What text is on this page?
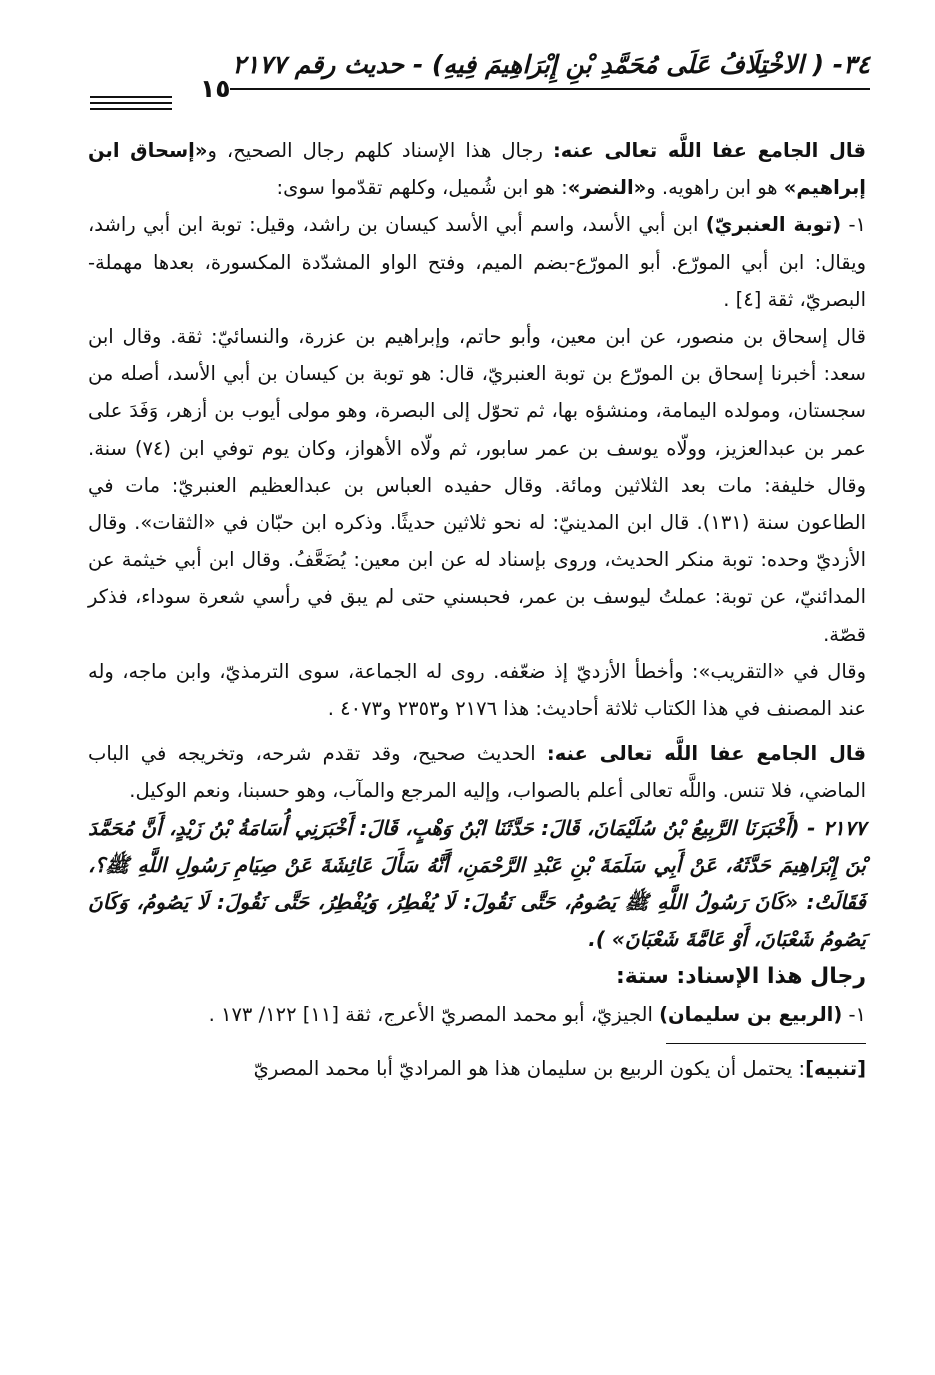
٣٤- ( الاخْتِلَافُ عَلَى مُحَمَّدِ بْنِ إِبْرَاهِيمَ فِيهِ) - حديث رقم ٢١٧٧
١٥

قال الجامع عفا اللَّه تعالى عنه: رجال هذا الإسناد كلهم رجال الصحيح، و«إسحاق ابن إبراهيم» هو ابن راهويه. و«النضر»: هو ابن شُميل، وكلهم تقدّموا سوى:

١- (توبة العنبريّ) ابن أبي الأسد، واسم أبي الأسد كيسان بن راشد، وقيل: توبة ابن أبي راشد، ويقال: ابن أبي المورّع. أبو المورّع-بضم الميم، وفتح الواو المشدّدة المكسورة، بعدها مهملة- البصريّ، ثقة [٤] .

قال إسحاق بن منصور، عن ابن معين، وأبو حاتم، وإبراهيم بن عزرة، والنسائيّ: ثقة. وقال ابن سعد: أخبرنا إسحاق بن المورّع بن توبة العنبريّ، قال: هو توبة بن كيسان بن أبي الأسد، أصله من سجستان، ومولده اليمامة، ومنشؤه بها، ثم تحوّل إلى البصرة، وهو مولى أيوب بن أزهر، وَفَدَ على عمر بن عبدالعزيز، وولّاه يوسف بن عمر سابور، ثم ولّاه الأهواز، وكان يوم توفي ابن (٧٤) سنة. وقال خليفة: مات بعد الثلاثين ومائة. وقال حفيده العباس بن عبدالعظيم العنبريّ: مات في الطاعون سنة (١٣١). قال ابن المدينيّ: له نحو ثلاثين حديثًا. وذكره ابن حبّان في «الثقات». وقال الأزديّ وحده: توبة منكر الحديث، وروى بإسناد له عن ابن معين: يُضَعَّفُ. وقال ابن أبي خيثمة عن المدائنيّ، عن توبة: عملتُ ليوسف بن عمر، فحبسني حتى لم يبق في رأسي شعرة سوداء، فذكر قصّة.

وقال في «التقريب»: وأخطأ الأزديّ إذ ضعّفه. روى له الجماعة، سوى الترمذيّ، وابن ماجه، وله عند المصنف في هذا الكتاب ثلاثة أحاديث: هذا ٢١٧٦ و٢٣٥٣ و٤٠٧٣ .

قال الجامع عفا اللَّه تعالى عنه: الحديث صحيح، وقد تقدم شرحه، وتخريجه في الباب الماضي، فلا تنس. واللَّه تعالى أعلم بالصواب، وإليه المرجع والمآب، وهو حسبنا، ونعم الوكيل.

٢١٧٧ - (أَخْبَرَنَا الرَّبِيعُ بْنُ سُلَيْمَانَ، قَالَ: حَدَّثَنَا ابْنُ وَهْبٍ، قَالَ: أَخْبَرَنِي أُسَامَةُ بْنُ زَيْدٍ، أَنَّ مُحَمَّدَ بْنَ إِبْرَاهِيمَ حَدَّثَهُ، عَنْ أَبِي سَلَمَةَ بْنِ عَبْدِ الرَّحْمَنِ، أَنَّهُ سَأَلَ عَائِشَةَ عَنْ صِيَامِ رَسُولِ اللَّهِ ﷺ؟، فَقَالَتْ: «كَانَ رَسُولُ اللَّهِ ﷺ يَصُومُ، حَتَّى نَقُولَ: لَا يُفْطِرُ، وَيُفْطِرُ، حَتَّى نَقُولَ: لَا يَصُومُ، وَكَانَ يَصُومُ شَعْبَانَ، أَوْ عَامَّةَ شَعْبَانَ» ).

رجال هذا الإسناد: ستة:

١- (الربيع بن سليمان) الجيزيّ، أبو محمد المصريّ الأعرج، ثقة [١١] ١٢٢/ ١٧٣ .

[تنبيه]: يحتمل أن يكون الربيع بن سليمان هذا هو المراديّ أبا محمد المصريّ
